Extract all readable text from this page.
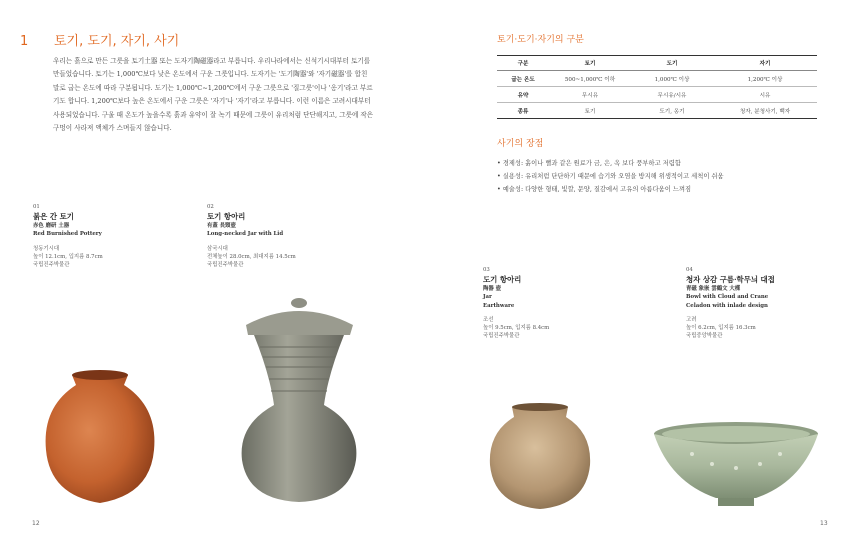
1 토기, 도기, 자기, 사기
우리는 흙으로 만든 그릇을 토기土器 또는 도자기陶磁器라고 부릅니다. 우리나라에서는 신석기시대부터 토기를 만들었습니다. 토기는 1,000℃보다 낮은 온도에서 구운 그릇입니다. 도자기는 '도기陶器'와 '자기磁器'를 합친 말로 굽는 온도에 따라 구분됩니다. 도기는 1,000℃~1,200℃에서 구운 그릇으로 '질그릇'이나 '옹기'라고 부르기도 합니다. 1,200℃보다 높은 온도에서 구운 그릇은 '자기'나 '자기'라고 부릅니다. 이런 이름은 고려시대부터 사용되었습니다. 구울 때 온도가 높을수록 흙과 유약이 잘 녹기 때문에 그릇이 유리처럼 단단해지고, 그릇에 작은 구멍이 사라져 액체가 스며들지 않습니다.
토기·도기·자기의 구분
구분	토기	도기	자기
굽는 온도	500~1,000℃ 이하	1,000℃ 이상	1,200℃ 이상
유약	무시유	무시유/시유	시유
종류	토기	도기, 옹기	청자, 분청사기, 백자
사기의 장점
• 경제성: 흙이나 뻘과 같은 원료가 금, 은, 옥 보다 풍부하고 저렴함
• 실용성: 유리처럼 단단하기 때문에 습기와 오염을 방지해 위생적이고 세척이 쉬움
• 예술성: 다양한 형태, 빛깔, 문양, 질감에서 고유의 아름다움이 느껴짐
01
붉은 간 토기
赤色 磨研 土器
Red Burnished Pottery
청동기시대
높이 12.1cm, 입지름 8.7cm
국립진주박물관
02
토기 항아리
有蓋 長頸壺
Long-necked Jar with Lid
삼국시대
전체높이 28.0cm, 최대지름 14.5cm
국립진주박물관
03
도기 항아리
陶器 壺
Jar
Earthware
조선
높이 9.5cm, 입지름 8.4cm
국립진주박물관
04
청자 상감 구름·학무늬 대접
青磁 象嵌 雲鶴文 大楪
Bowl with Cloud and Crane
Celadon with inlade design
고려
높이 6.2cm, 입지름 16.3cm
국립중앙박물관
12	13
